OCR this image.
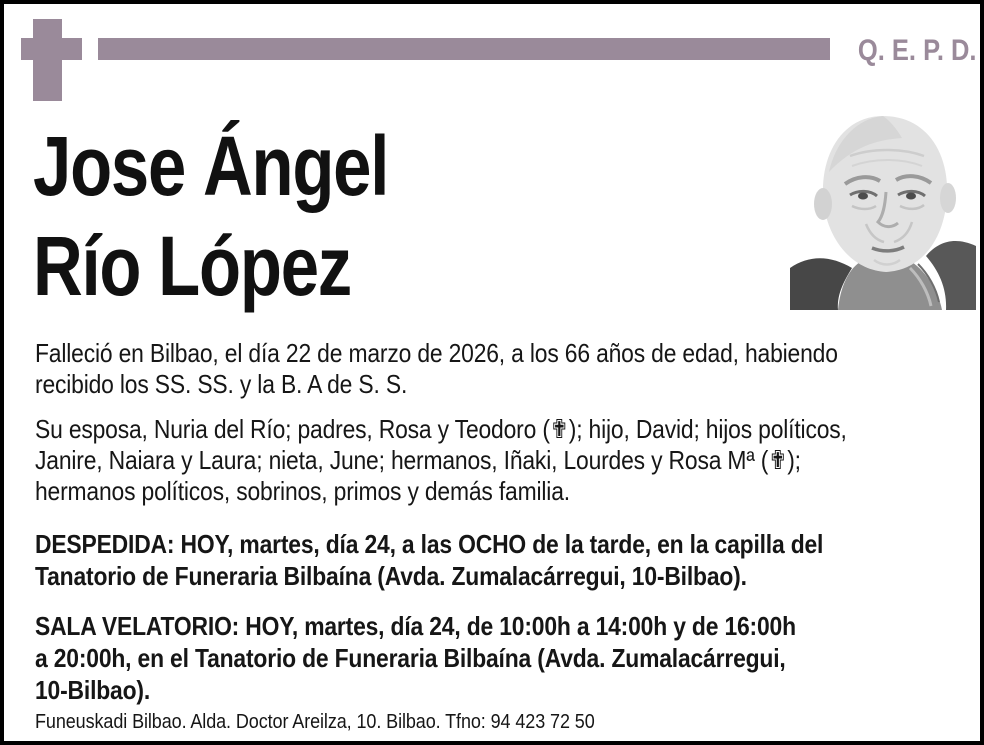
Q. E. P. D.
Jose Ángel
Río López
Falleció en Bilbao, el día 22 de marzo de 2026, a los 66 años de edad, habiendo
recibido los SS. SS. y la B. A de S. S.
Su esposa, Nuria del Río; padres, Rosa y Teodoro (✟); hijo, David; hijos políticos,
Janire, Naiara y Laura; nieta, June; hermanos, Iñaki, Lourdes y Rosa Mª (✟);
hermanos políticos, sobrinos, primos y demás familia.
DESPEDIDA: HOY, martes, día 24, a las OCHO de la tarde, en la capilla del
Tanatorio de Funeraria Bilbaína (Avda. Zumalacárregui, 10-Bilbao).
SALA VELATORIO: HOY, martes, día 24, de 10:00h a 14:00h y de 16:00h
a 20:00h, en el Tanatorio de Funeraria Bilbaína (Avda. Zumalacárregui,
10-Bilbao).
Funeuskadi Bilbao. Alda. Doctor Areilza, 10. Bilbao. Tfno: 94 423 72 50
